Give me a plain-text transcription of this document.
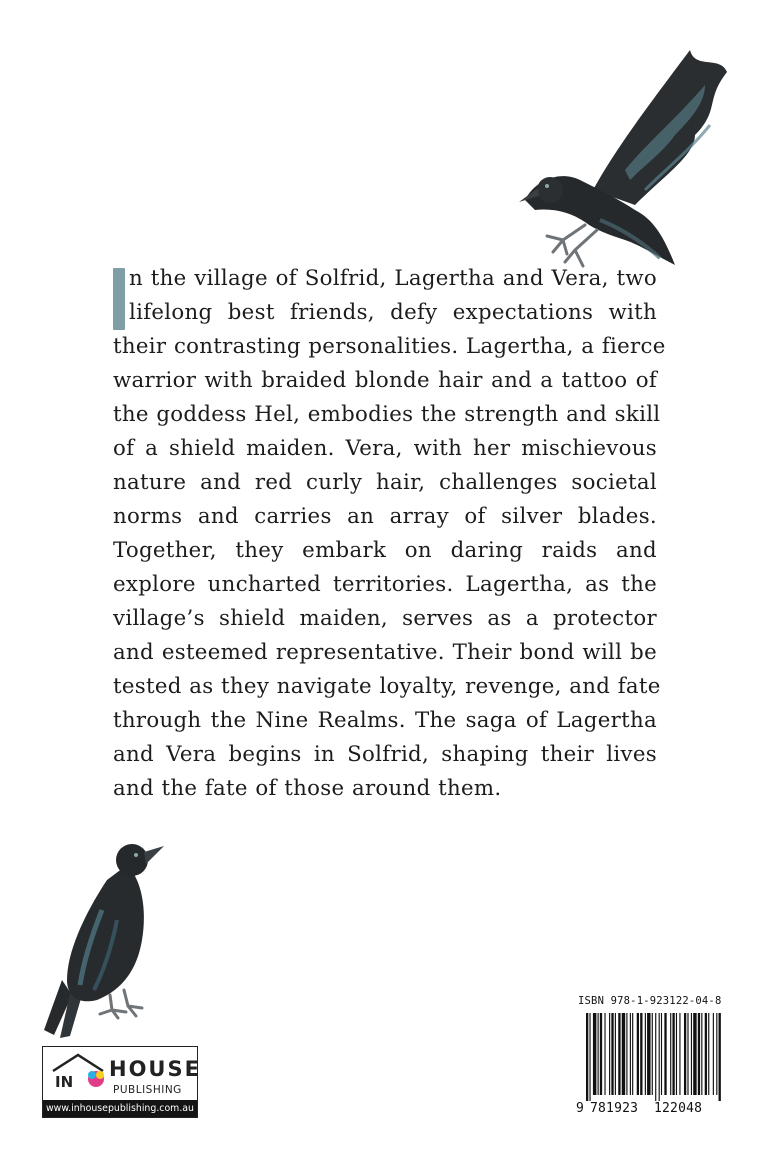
n the village of Solfrid, Lagertha and Vera, two
lifelong best friends, defy expectations with
their contrasting personalities. Lagertha, a fierce
warrior with braided blonde hair and a tattoo of
the goddess Hel, embodies the strength and skill
of a shield maiden. Vera, with her mischievous
nature and red curly hair, challenges societal
norms and carries an array of silver blades.
Together, they embark on daring raids and
explore uncharted territories. Lagertha, as the
village’s shield maiden, serves as a protector
and esteemed representative. Their bond will be
tested as they navigate loyalty, revenge, and fate
through the Nine Realms. The saga of Lagertha
and Vera begins in Solfrid, shaping their lives
and the fate of those around them.
IN
HOUSE
PUBLISHING
www.inhousepublishing.com.au
ISBN 978-1-923122-04-8
9 781923 122048
